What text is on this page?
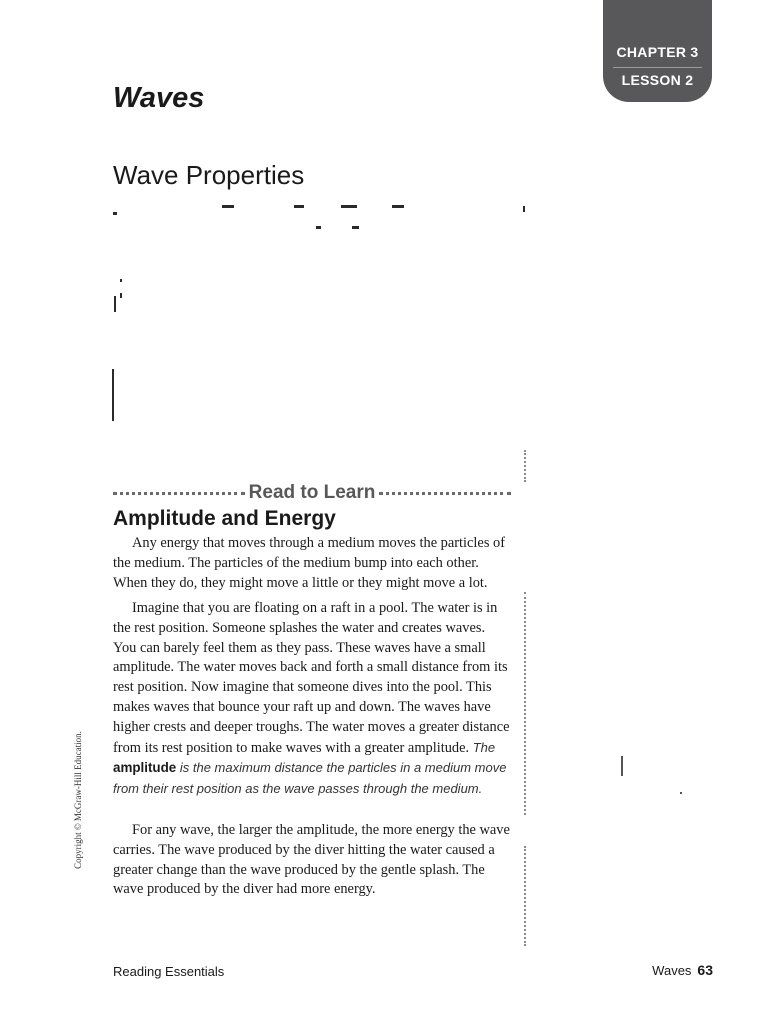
CHAPTER 3
LESSON 2
Waves
Wave Properties
Read to Learn
Amplitude and Energy

Any energy that moves through a medium moves the particles of the medium. The particles of the medium bump into each other. When they do, they might move a little or they might move a lot.

Imagine that you are floating on a raft in a pool. The water is in the rest position. Someone splashes the water and creates waves. You can barely feel them as they pass. These waves have a small amplitude. The water moves back and forth a small distance from its rest position. Now imagine that someone dives into the pool. This makes waves that bounce your raft up and down. The waves have higher crests and deeper troughs. The water moves a greater distance from its rest position to make waves with a greater amplitude. The amplitude is the maximum distance the particles in a medium move from their rest position as the wave passes through the medium.

For any wave, the larger the amplitude, the more energy the wave carries. The wave produced by the diver hitting the water caused a greater change than the wave produced by the gentle splash. The wave produced by the diver had more energy.

Copyright © McGraw-Hill Education.
Reading Essentials	Waves 63
